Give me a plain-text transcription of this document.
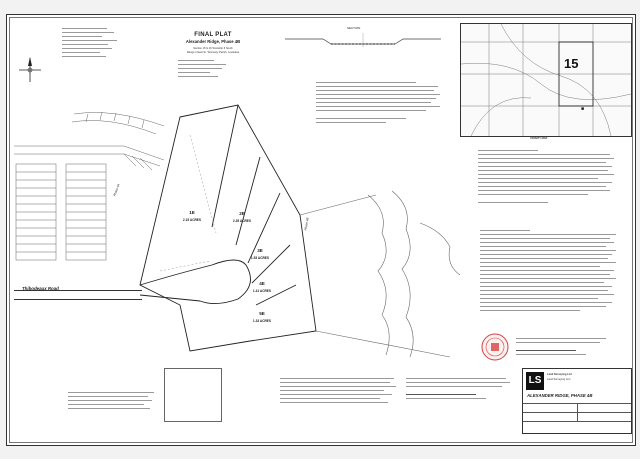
FINAL PLAT
Alexander Ridge, Phase 4B
Section 15 & 16 Township 6 South
Range 1 East St. Tammany Parish, Louisiana
SECTION
15
■
VICINITY MAP
Thibodeaux Road
1E
2.15 ACRES
2E
2.35 ACRES
3E
1.53 ACRES
4E
1.41 ACRES
5E
1.33 ACRES
Phase 4A
Phase 4B
LS
Land Surveying LLC
Land Surveying LLC
ALEXANDER RIDGE, PHASE 4B
